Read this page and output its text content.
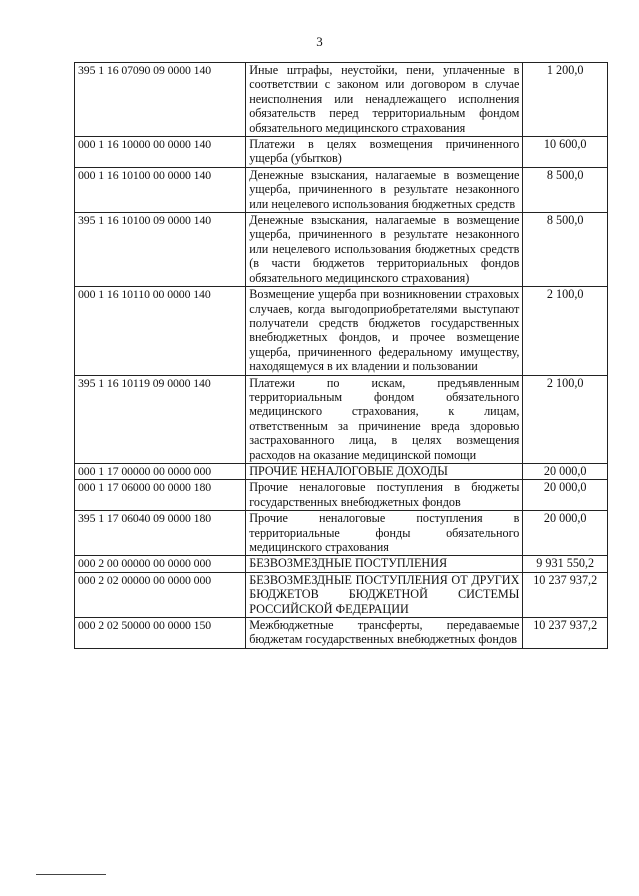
3
395 1 16 07090 09 0000 140	Иные штрафы, неустойки, пени, уплаченные в соответствии с законом или договором в случае неисполнения или ненадлежащего исполнения обязательств перед территориальным фондом обязательного медицинского страхования	1 200,0
000 1 16 10000 00 0000 140	Платежи в целях возмещения причиненного ущерба (убытков)	10 600,0
000 1 16 10100 00 0000 140	Денежные взыскания, налагаемые в возмещение ущерба, причиненного в результате незаконного или нецелевого использования бюджетных средств	8 500,0
395 1 16 10100 09 0000 140	Денежные взыскания, налагаемые в возмещение ущерба, причиненного в результате незаконного или нецелевого использования бюджетных средств (в части бюджетов территориальных фондов обязательного медицинского страхования)	8 500,0
000 1 16 10110 00 0000 140	Возмещение ущерба при возникновении страховых случаев, когда выгодоприобретателями выступают получатели средств бюджетов государственных внебюджетных фондов, и прочее возмещение ущерба, причиненного федеральному имуществу, находящемуся в их владении и пользовании	2 100,0
395 1 16 10119 09 0000 140	Платежи по искам, предъявленным территориальным фондом обязательного медицинского страхования, к лицам, ответственным за причинение вреда здоровью застрахованного лица, в целях возмещения расходов на оказание медицинской помощи	2 100,0
000 1 17 00000 00 0000 000	ПРОЧИЕ НЕНАЛОГОВЫЕ ДОХОДЫ	20 000,0
000 1 17 06000 00 0000 180	Прочие неналоговые поступления в бюджеты государственных внебюджетных фондов	20 000,0
395 1 17 06040 09 0000 180	Прочие неналоговые поступления в территориальные фонды обязательного медицинского страхования	20 000,0
000 2 00 00000 00 0000 000	БЕЗВОЗМЕЗДНЫЕ ПОСТУПЛЕНИЯ	9 931 550,2
000 2 02 00000 00 0000 000	БЕЗВОЗМЕЗДНЫЕ ПОСТУПЛЕНИЯ ОТ ДРУГИХ БЮДЖЕТОВ БЮДЖЕТНОЙ СИСТЕМЫ РОССИЙСКОЙ ФЕДЕРАЦИИ	10 237 937,2
000 2 02 50000 00 0000 150	Межбюджетные трансферты, передаваемые бюджетам государственных внебюджетных фондов	10 237 937,2
